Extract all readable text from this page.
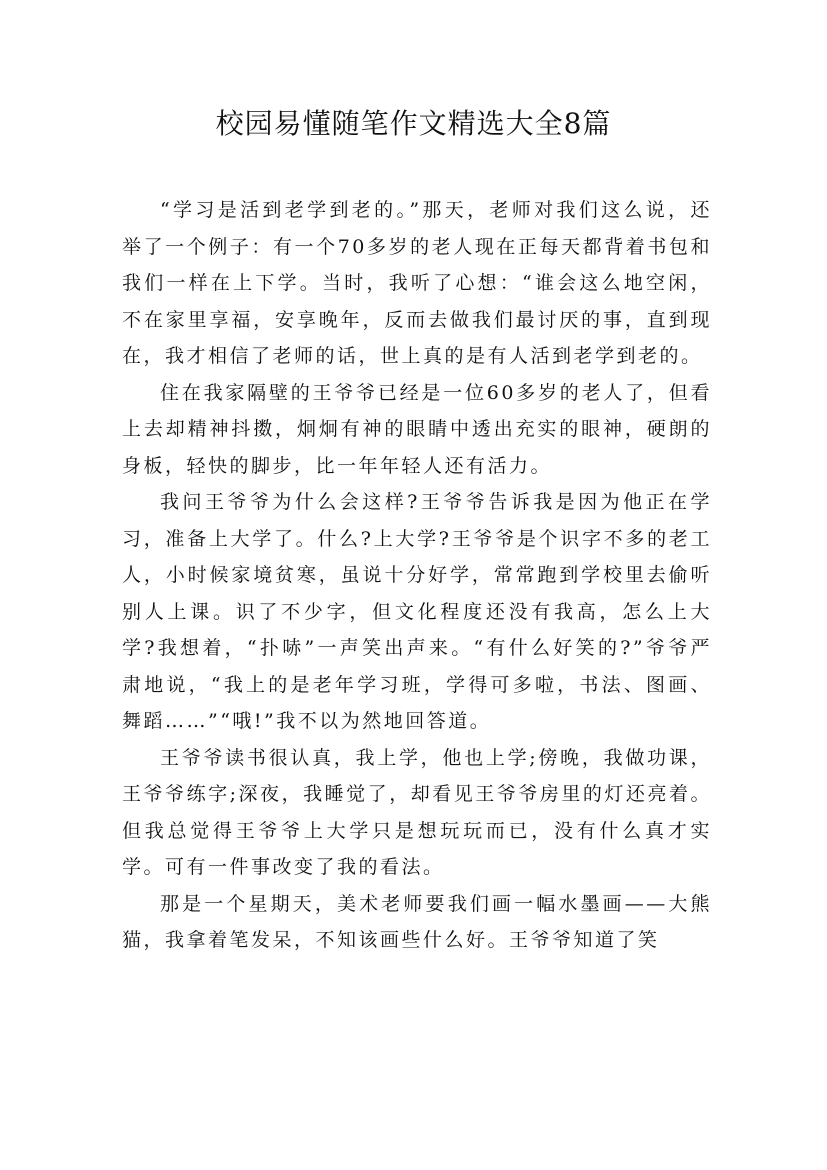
校园易懂随笔作文精选大全8篇

“学习是活到老学到老的。”那天，老师对我们这么说，还举了一个例子：有一个70多岁的老人现在正每天都背着书包和我们一样在上下学。当时，我听了心想：“谁会这么地空闲，不在家里享福，安享晚年，反而去做我们最讨厌的事，直到现在，我才相信了老师的话，世上真的是有人活到老学到老的。

住在我家隔壁的王爷爷已经是一位60多岁的老人了，但看上去却精神抖擞，炯炯有神的眼睛中透出充实的眼神，硬朗的身板，轻快的脚步，比一年年轻人还有活力。

我问王爷爷为什么会这样?王爷爷告诉我是因为他正在学习，准备上大学了。什么?上大学?王爷爷是个识字不多的老工人，小时候家境贫寒，虽说十分好学，常常跑到学校里去偷听别人上课。识了不少字，但文化程度还没有我高，怎么上大学?我想着，“扑哧”一声笑出声来。“有什么好笑的?”爷爷严肃地说，“我上的是老年学习班，学得可多啦，书法、图画、舞蹈……”“哦!”我不以为然地回答道。

王爷爷读书很认真，我上学，他也上学;傍晚，我做功课，王爷爷练字;深夜，我睡觉了，却看见王爷爷房里的灯还亮着。但我总觉得王爷爷上大学只是想玩玩而已，没有什么真才实学。可有一件事改变了我的看法。

那是一个星期天，美术老师要我们画一幅水墨画——大熊猫，我拿着笔发呆，不知该画些什么好。王爷爷知道了笑
